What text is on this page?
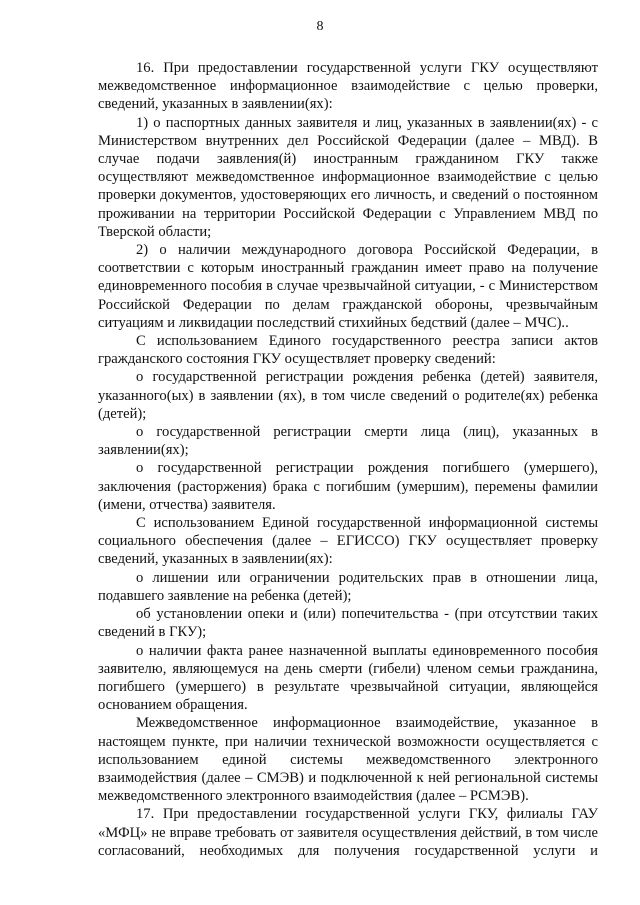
8

16. При предоставлении государственной услуги ГКУ осуществляют межведомственное информационное взаимодействие с целью проверки, сведений, указанных в заявлении(ях):

1) о паспортных данных заявителя и лиц, указанных в заявлении(ях) - с Министерством внутренних дел Российской Федерации (далее – МВД). В случае подачи заявления(й) иностранным гражданином ГКУ также осуществляют межведомственное информационное взаимодействие с целью проверки документов, удостоверяющих его личность, и сведений о постоянном проживании на территории Российской Федерации с Управлением МВД по Тверской области;

2) о наличии международного договора Российской Федерации, в соответствии с которым иностранный гражданин имеет право на получение единовременного пособия в случае чрезвычайной ситуации, - с Министерством Российской Федерации по делам гражданской обороны, чрезвычайным ситуациям и ликвидации последствий стихийных бедствий (далее – МЧС)..

С использованием Единого государственного реестра записи актов гражданского состояния ГКУ осуществляет проверку сведений:

о государственной регистрации рождения ребенка (детей) заявителя, указанного(ых) в заявлении (ях), в том числе сведений о родителе(ях) ребенка (детей);

о государственной регистрации смерти лица (лиц), указанных в заявлении(ях);

о государственной регистрации рождения погибшего (умершего), заключения (расторжения) брака с погибшим (умершим), перемены фамилии (имени, отчества) заявителя.

С использованием Единой государственной информационной системы социального обеспечения (далее – ЕГИССО) ГКУ осуществляет проверку сведений, указанных в заявлении(ях):

о лишении или ограничении родительских прав в отношении лица, подавшего заявление на ребенка (детей);

об установлении опеки и (или) попечительства - (при отсутствии таких сведений в ГКУ);

о наличии факта ранее назначенной выплаты единовременного пособия заявителю, являющемуся на день смерти (гибели) членом семьи гражданина, погибшего (умершего) в результате чрезвычайной ситуации, являющейся основанием обращения.

Межведомственное информационное взаимодействие, указанное в настоящем пункте, при наличии технической возможности осуществляется с использованием единой системы межведомственного электронного взаимодействия (далее – СМЭВ) и подключенной к ней региональной системы межведомственного электронного взаимодействия (далее – РСМЭВ).

17. При предоставлении государственной услуги ГКУ, филиалы ГАУ «МФЦ» не вправе требовать от заявителя осуществления действий, в том числе согласований, необходимых для получения государственной услуги и
